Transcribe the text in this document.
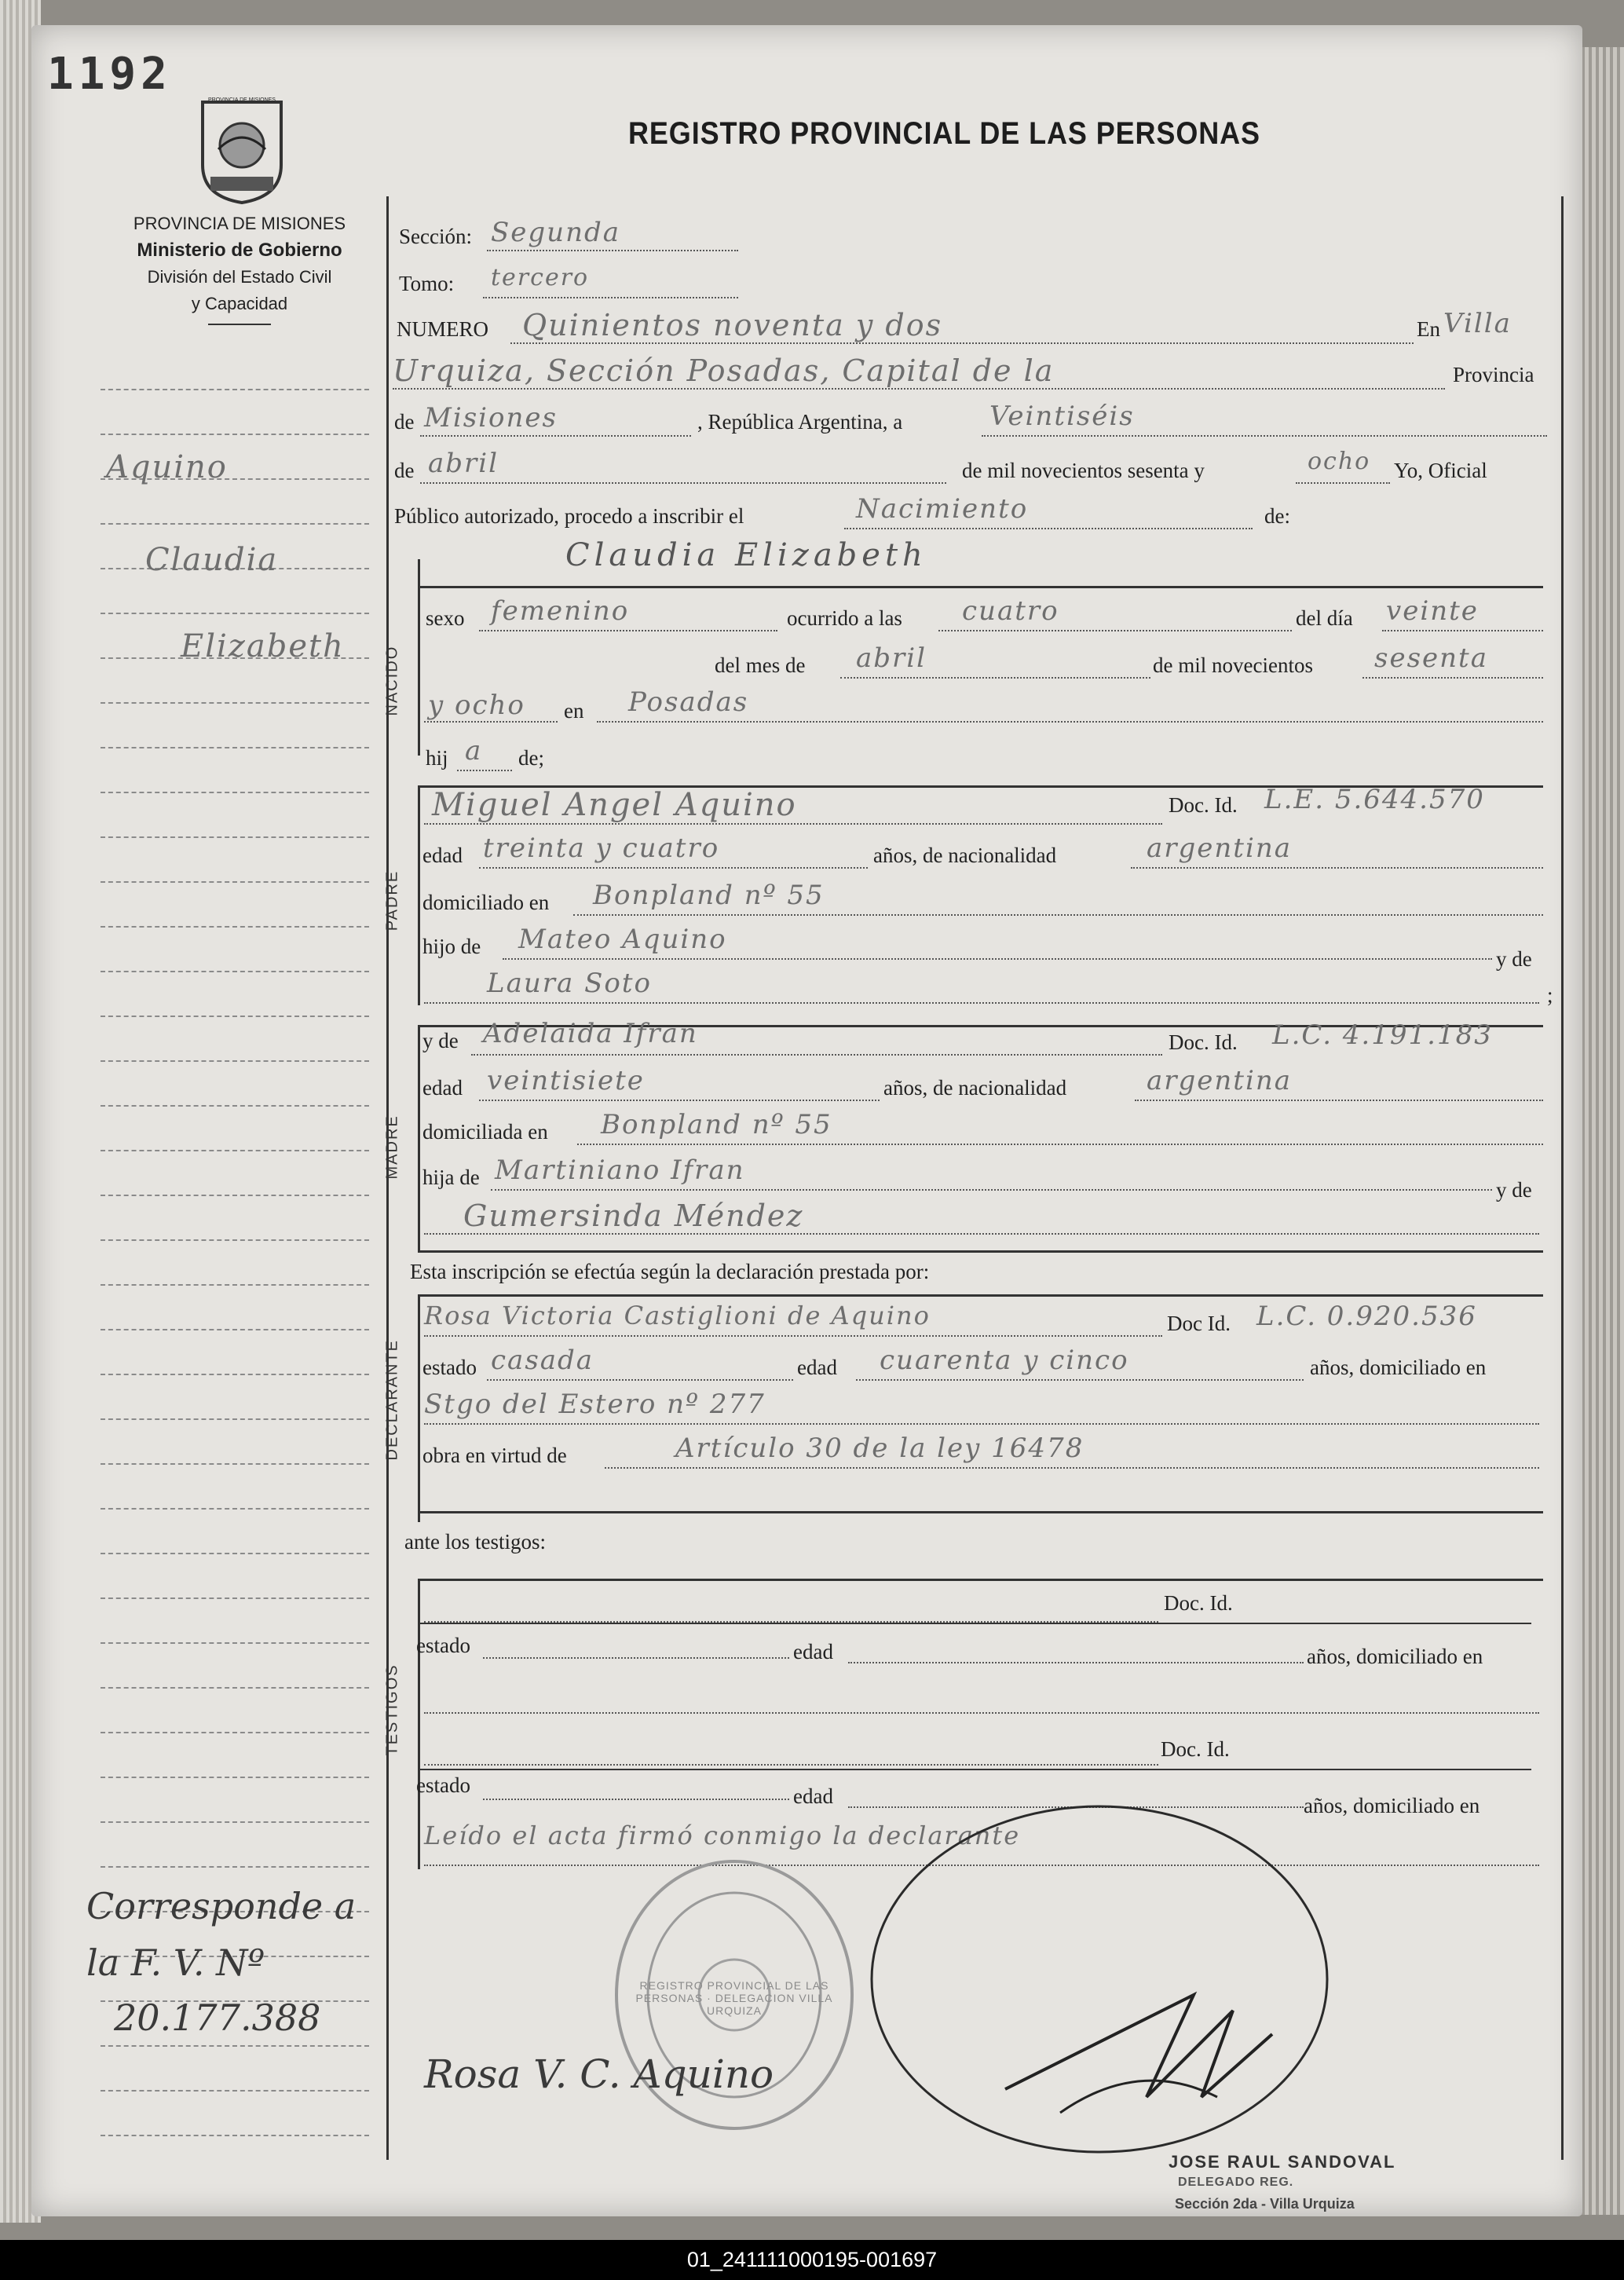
1192
PROVINCIA DE MISIONES
PROVINCIA DE MISIONES
Ministerio de Gobierno
División del Estado Civil
y Capacidad
REGISTRO PROVINCIAL DE LAS PERSONAS
Aquino
Claudia
Elizabeth
Corresponde a
la F. V. Nº
20.177.388
Sección: Segunda
Tomo: tercero
NUMERO Quinientos noventa y dos	En Villa
Urquiza, Sección Posadas, Capital de la	Provincia
de Misiones	, República Argentina, a	Veintiséis
de abril	de mil novecientos sesenta y	ocho Yo, Oficial
Público autorizado, procedo a inscribir el	Nacimiento	de:
Claudia Elizabeth
NACIDO
sexo femenino	ocurrido a las cuatro	del día veinte
del mes de abril	de mil novecientos sesenta
y ocho en Posadas
hij a de;
PADRE
Miguel Angel Aquino	Doc. Id. L.E. 5.644.570
edad treinta y cuatro	años, de nacionalidad	argentina
domiciliado en Bonpland nº 55
hijo de Mateo Aquino
y de
Laura Soto	;
MADRE
y de Adelaida Ifran	Doc. Id. L.C. 4.191.183
edad veintisiete	años, de nacionalidad	argentina
domiciliada en Bonpland nº 55
hija de Martiniano Ifran
y de
Gumersinda Méndez
Esta inscripción se efectúa según la declaración prestada por:
DECLARANTE
Rosa Victoria Castiglioni de Aquino	Doc Id. L.C. 0.920.536
estado casada	edad cuarenta y cinco	años, domiciliado en
Stgo del Estero nº 277
obra en virtud de	Artículo 30 de la ley 16478
ante los testigos:
TESTIGOS
Doc. Id.
estado	edad	años, domiciliado en
Doc. Id.
estado	edad	años, domiciliado en
Leído el acta firmó conmigo la declarante
REGISTRO PROVINCIAL DE LAS PERSONAS · DELEGACION VILLA URQUIZA
Rosa V. C. Aquino
JOSE RAUL SANDOVAL
DELEGADO REG.
Sección 2da - Villa Urquiza
01_241111000195-001697
